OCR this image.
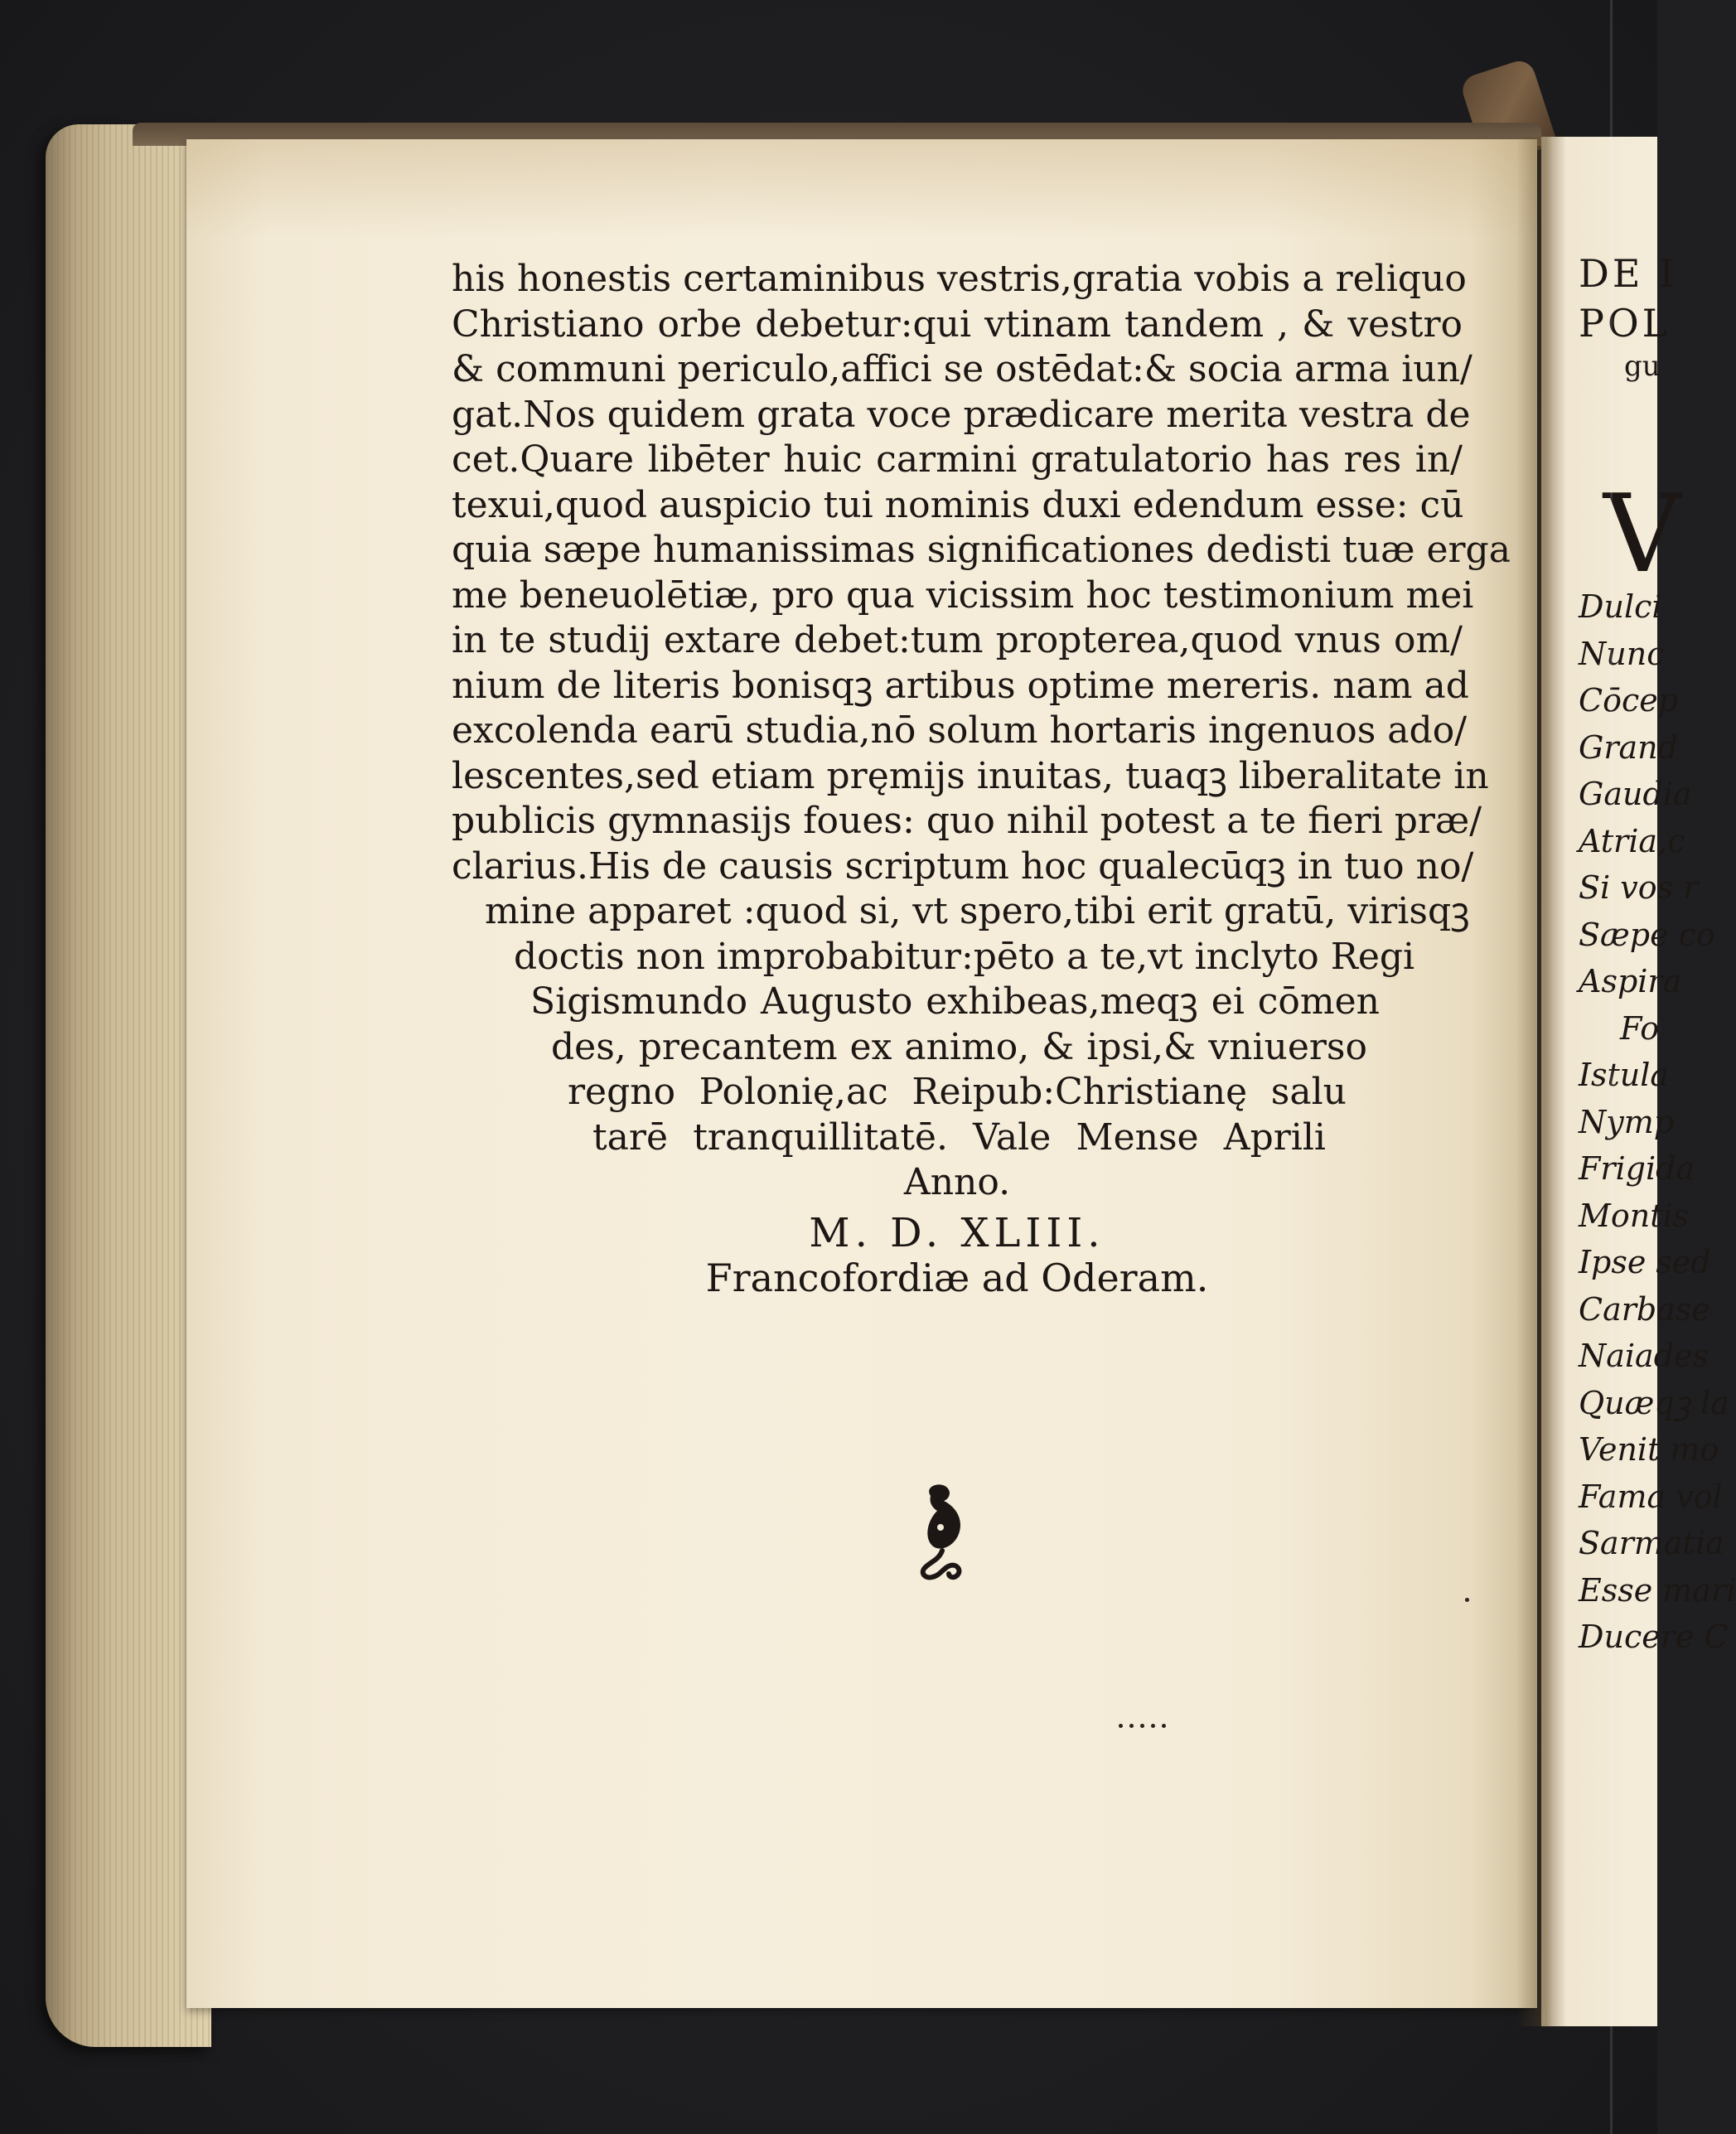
his honestis certaminibus vestris,gratia vobis a reliquo
Christiano orbe debetur:qui vtinam tandem , & vestro
& communi periculo,affici se ostēdat:& socia arma iun/
gat.Nos quidem grata voce prædicare merita vestra de
cet.Quare libēter huic carmini gratulatorio has res in/
texui,quod auspicio tui nominis duxi edendum esse: cū
quia sæpe humanissimas significationes dedisti tuæ erga
me beneuolētiæ, pro qua vicissim hoc testimonium mei
in te studij extare debet:tum propterea,quod vnus om/
nium de literis bonisqꝫ artibus optime mereris. nam ad
excolenda earū studia,nō solum hortaris ingenuos ado/
lescentes,sed etiam pręmijs inuitas, tuaqꝫ liberalitate in
publicis gymnasijs foues: quo nihil potest a te fieri præ/
clarius.His de causis scriptum hoc qualecūqꝫ in tuo no/
mine apparet :quod si, vt spero,tibi erit gratū, virisqꝫ
doctis non improbabitur:pēto a te,vt inclyto Regi
Sigismundo Augusto exhibeas,meqꝫ ei cōmen
des, precantem ex animo, & ipsi,& vniuerso
regno Polonię,ac Reipub:Christianę salu
tarē tranquillitatē. Vale Mense Aprili
Anno.
M. D. XLIII.
Francofordiæ ad Oderam.
DE I
POL
gu
V
Dulci
Nunc
Cōcep
Grand
Gaudia
Atria,c
Si vos r
Sæpe co
Aspira
Fo
Istula
Nymp
Frigida
Montis
Ipse sed
Carbase
Naiades
Quæqꝫ la
Venit mo
Fama vol
Sarmatia
Esse mari
Ducere C
